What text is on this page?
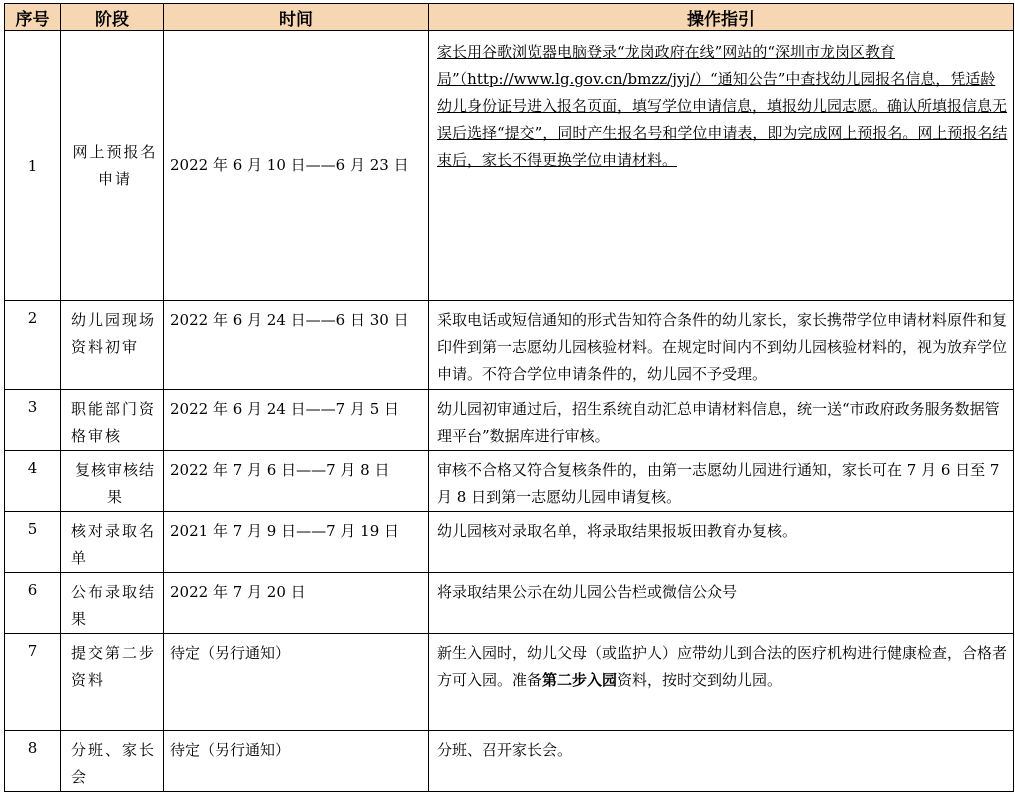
序号	阶段	时间	操作指引
1	网上预报名申请	2022 年 6 月 10 日——6 月 23 日	家长用谷歌浏览器电脑登录“龙岗政府在线”网站的“深圳市龙岗区教育局”（http://www.lg.gov.cn/bmzz/jyj/）“通知公告”中查找幼儿园报名信息，凭适龄幼儿身份证号进入报名页面，填写学位申请信息，填报幼儿园志愿。确认所填报信息无误后选择“提交”，同时产生报名号和学位申请表，即为完成网上预报名。网上预报名结束后，家长不得更换学位申请材料。
2	幼儿园现场资料初审	2022 年 6 月 24 日——6 日 30 日	采取电话或短信通知的形式告知符合条件的幼儿家长，家长携带学位申请材料原件和复印件到第一志愿幼儿园核验材料。在规定时间内不到幼儿园核验材料的，视为放弃学位申请。不符合学位申请条件的，幼儿园不予受理。
3	职能部门资格审核	2022 年 6 月 24 日——7 月 5 日	幼儿园初审通过后，招生系统自动汇总申请材料信息，统一送“市政府政务服务数据管理平台”数据库进行审核。
4	复核审核结果	2022 年 7 月 6 日——7 月 8 日	审核不合格又符合复核条件的，由第一志愿幼儿园进行通知，家长可在 7 月 6 日至 7 月 8 日到第一志愿幼儿园申请复核。
5	核对录取名单	2021 年 7 月 9 日——7 月 19 日	幼儿园核对录取名单，将录取结果报坂田教育办复核。
6	公布录取结果	2022 年 7 月 20 日	将录取结果公示在幼儿园公告栏或微信公众号
7	提交第二步资料	待定（另行通知）	新生入园时，幼儿父母（或监护人）应带幼儿到合法的医疗机构进行健康检查，合格者方可入园。准备第二步入园资料，按时交到幼儿园。
8	分班、家长会	待定（另行通知）	分班、召开家长会。
